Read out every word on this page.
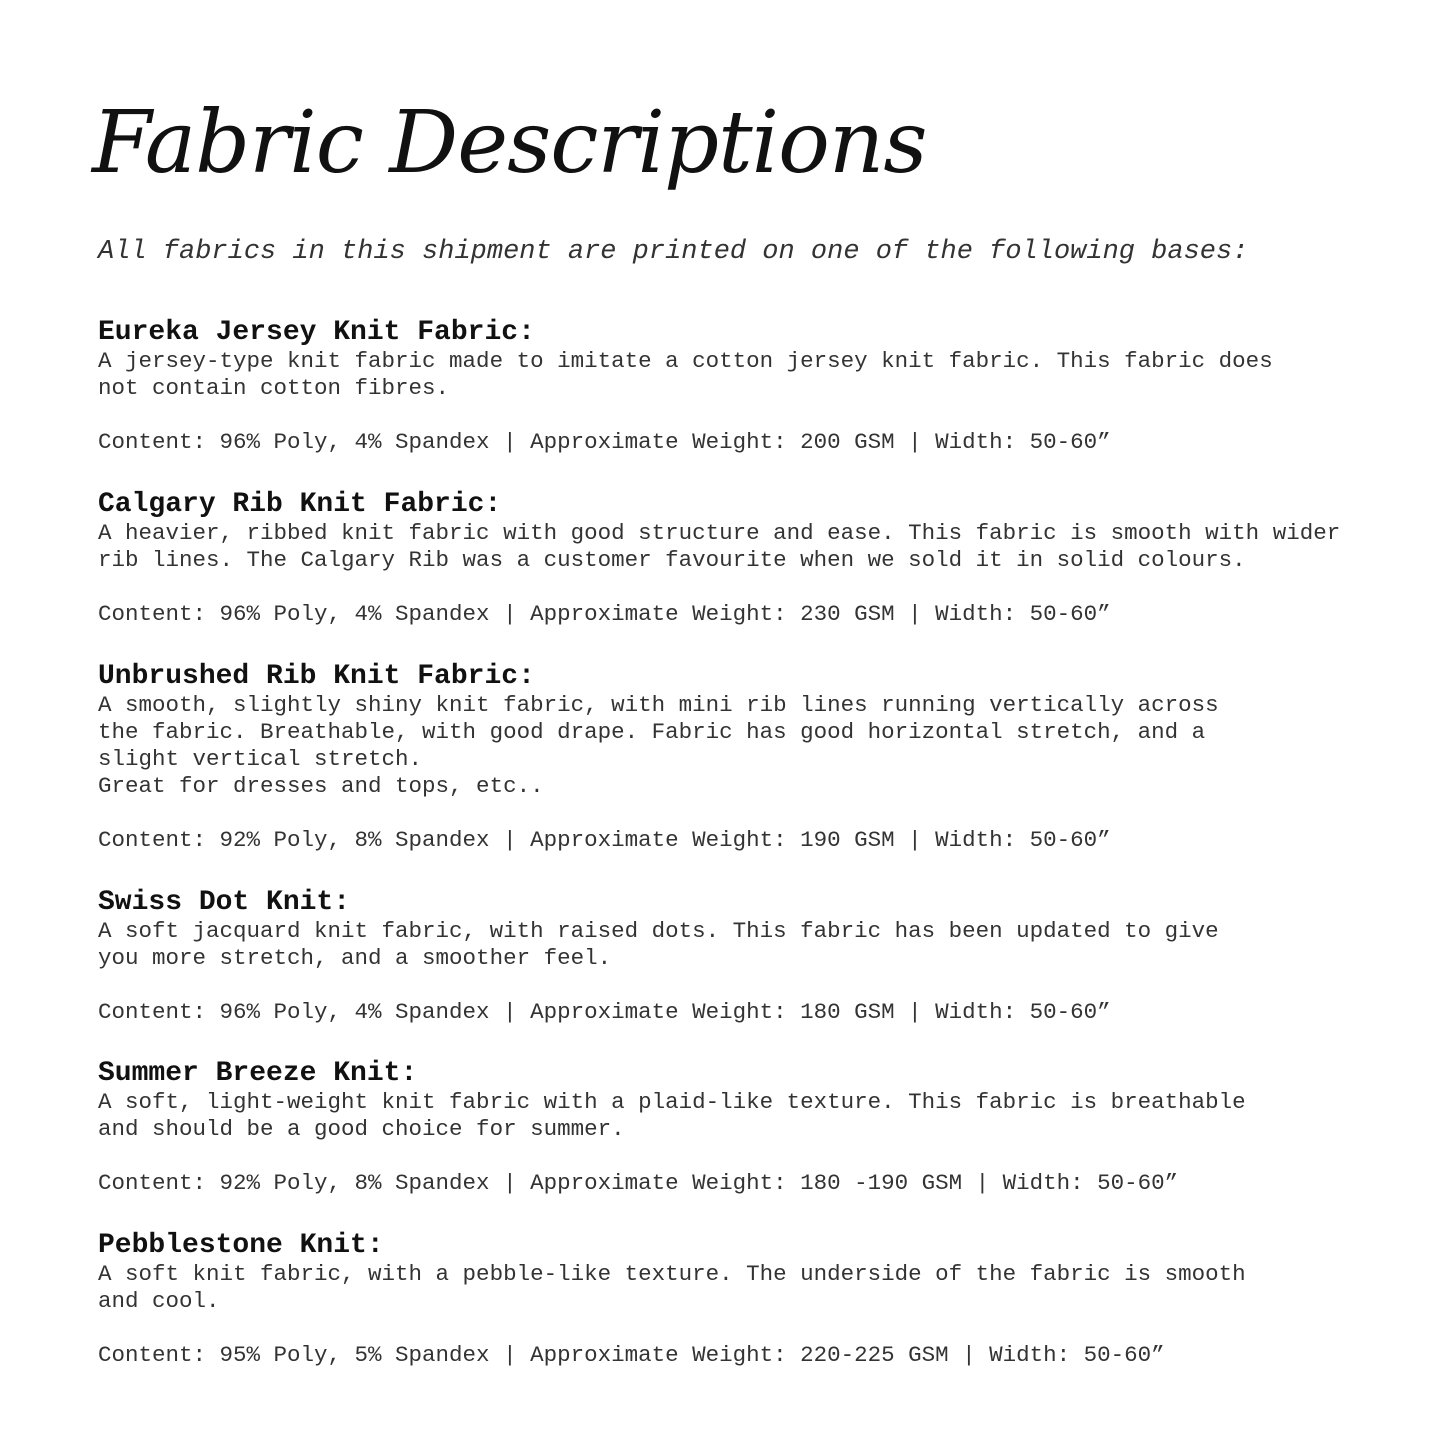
Fabric Descriptions
All fabrics in this shipment are printed on one of the following bases:
Eureka Jersey Knit Fabric:

A jersey-type knit fabric made to imitate a cotton jersey knit fabric. This fabric does
not contain cotton fibres.

Content: 96% Poly, 4% Spandex | Approximate Weight: 200 GSM | Width: 50-60”

Calgary Rib Knit Fabric:

A heavier, ribbed knit fabric with good structure and ease. This fabric is smooth with wider
rib lines. The Calgary Rib was a customer favourite when we sold it in solid colours.

Content: 96% Poly, 4% Spandex | Approximate Weight: 230 GSM | Width: 50-60”

Unbrushed Rib Knit Fabric:

A smooth, slightly shiny knit fabric, with mini rib lines running vertically across
the fabric. Breathable, with good drape. Fabric has good horizontal stretch, and a
slight vertical stretch.
Great for dresses and tops, etc..

Content: 92% Poly, 8% Spandex | Approximate Weight: 190 GSM | Width: 50-60”

Swiss Dot Knit:

A soft jacquard knit fabric, with raised dots. This fabric has been updated to give
you more stretch, and a smoother feel.

Content: 96% Poly, 4% Spandex | Approximate Weight: 180 GSM | Width: 50-60”

Summer Breeze Knit:

A soft, light-weight knit fabric with a plaid-like texture. This fabric is breathable
and should be a good choice for summer.

Content: 92% Poly, 8% Spandex | Approximate Weight: 180 -190 GSM | Width: 50-60”

Pebblestone Knit:

A soft knit fabric, with a pebble-like texture. The underside of the fabric is smooth
and cool.

Content: 95% Poly, 5% Spandex | Approximate Weight: 220-225 GSM | Width: 50-60”
